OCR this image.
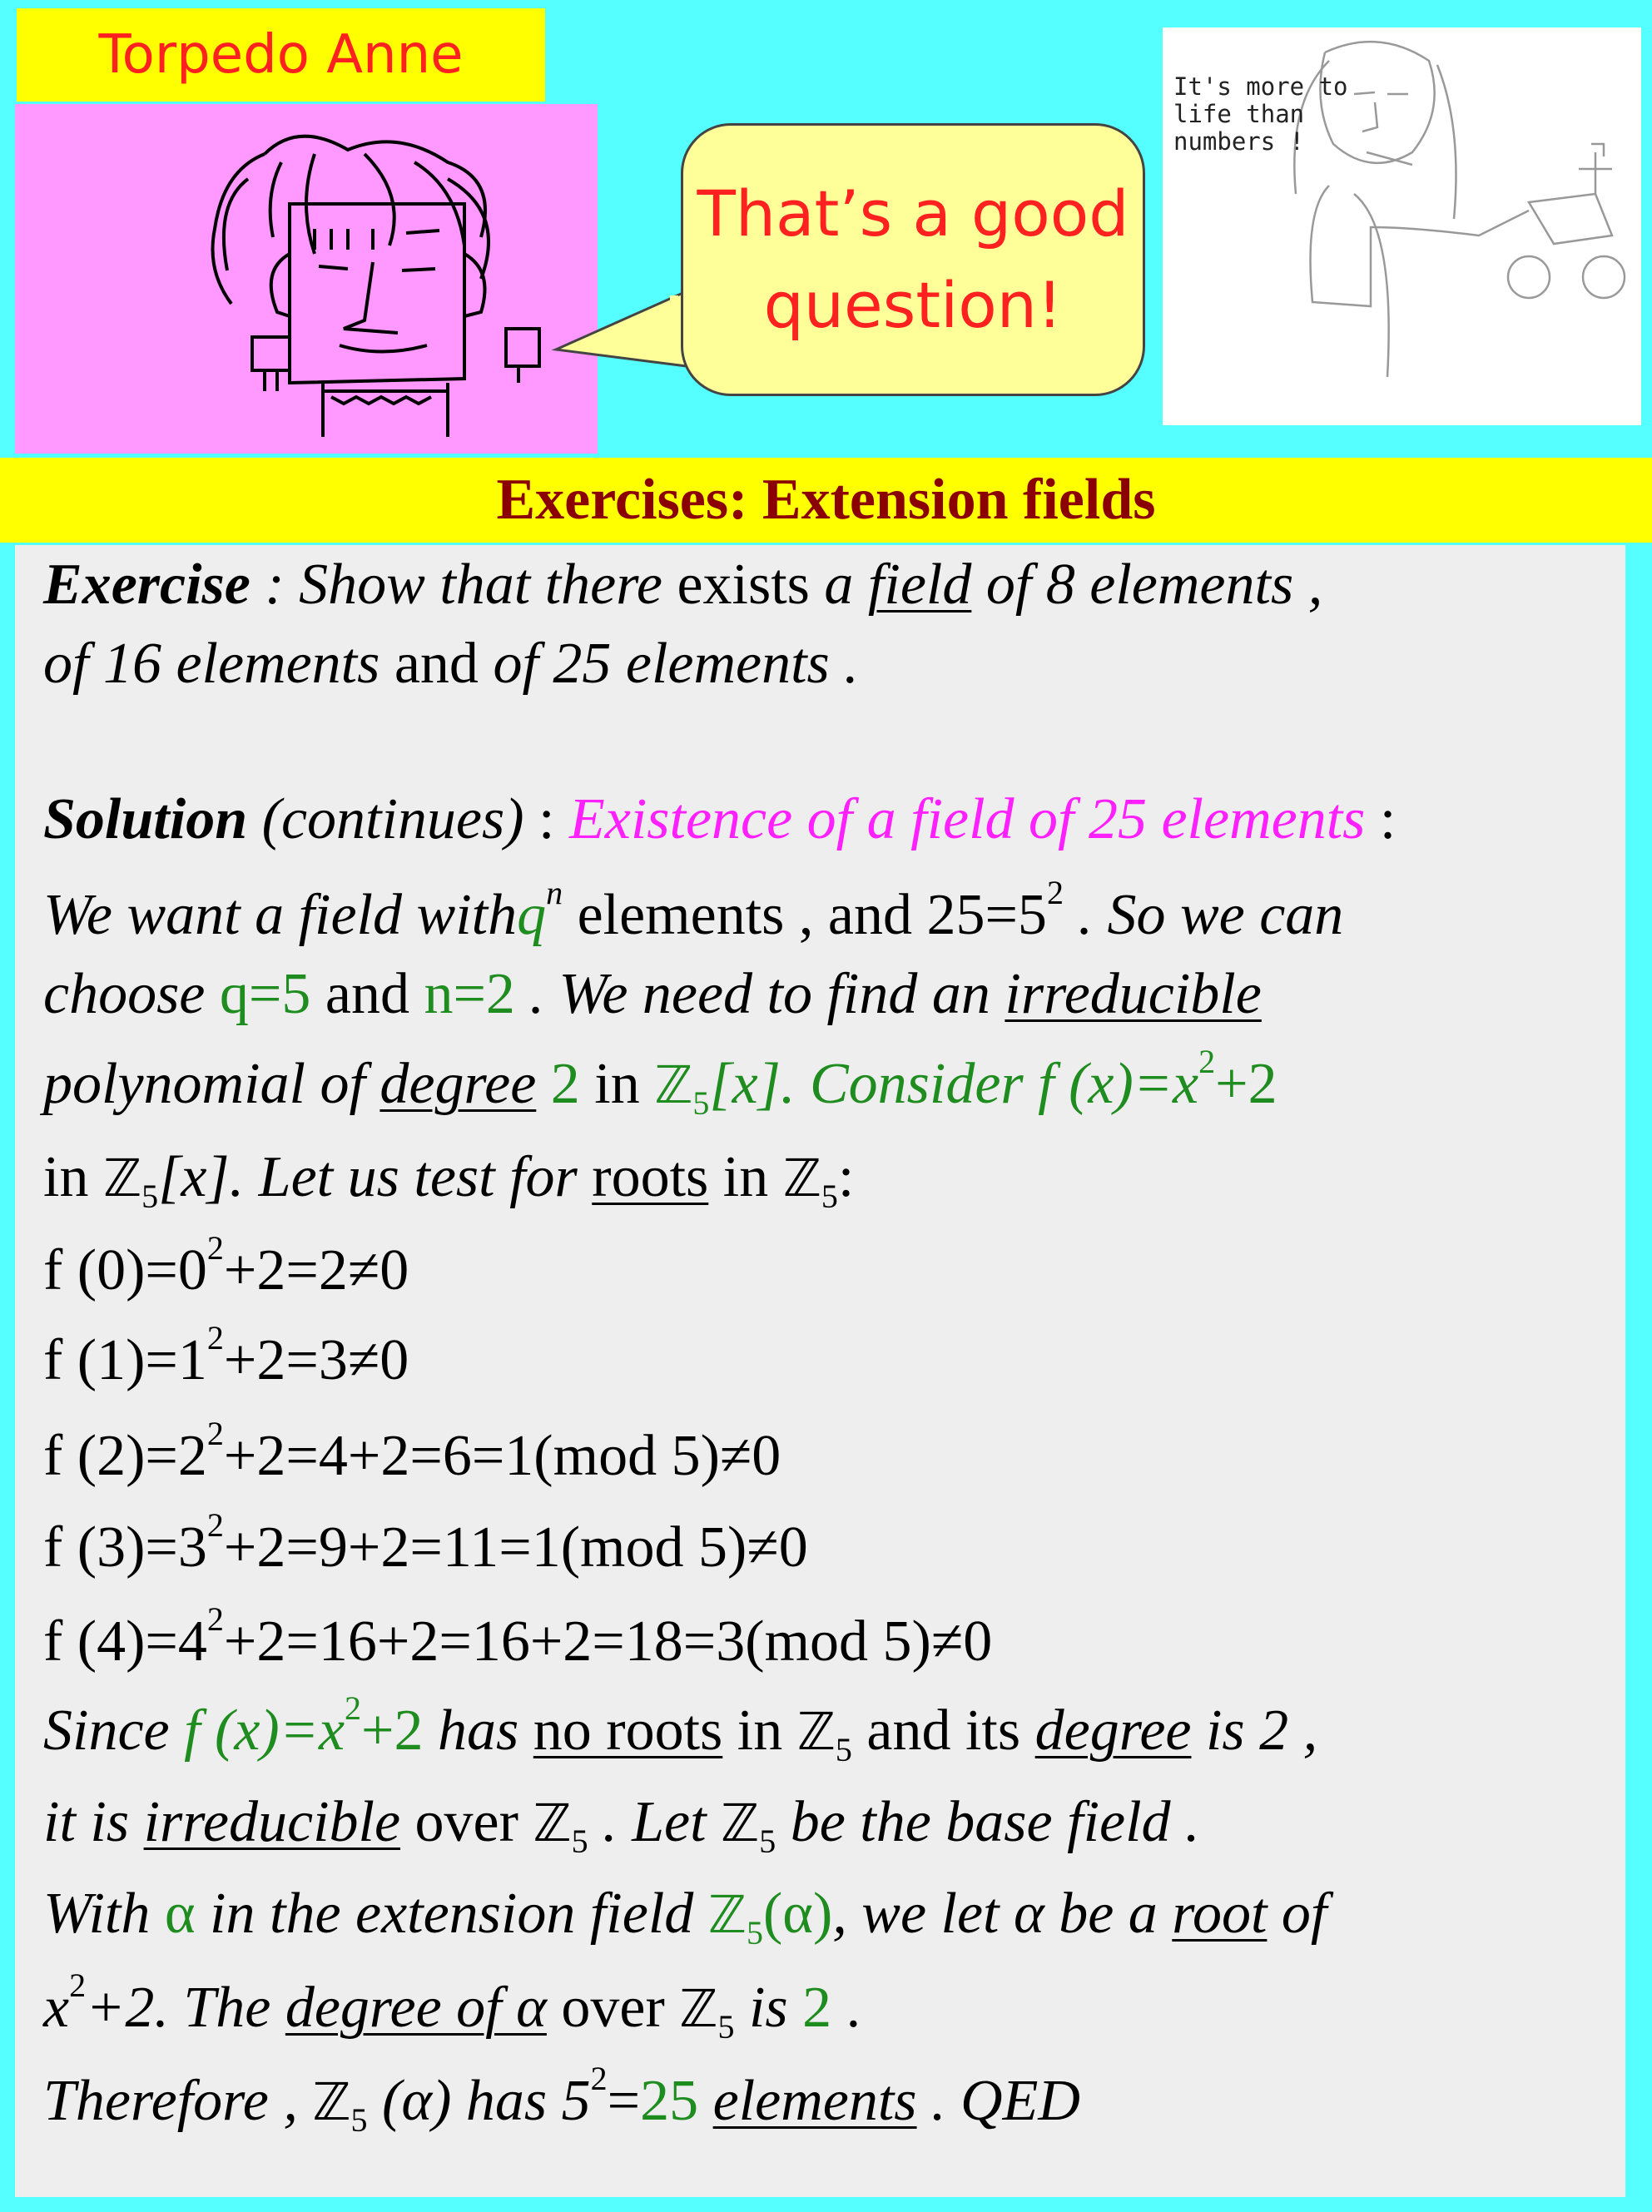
Torpedo Anne
That’s a good
question!
It's more to
life than
numbers !
Exercises: Extension fields
Exercise : Show that there exists a field of 8 elements ,
of 16 elements and of 25 elements .
Solution (continues) : Existence of a field of 25 elements :
We want a field withq$^n$ elements , and $25=5^2$ . So we can
choose q=5 and n=2 . We need to find an irreducible
polynomial of degree 2 in ℤ$_5$[x]. Consider f $(x)=x^2+2$
in ℤ$_5$[x]. Let us test for roots in ℤ$_5$:
f $(0)=0^2+2=2\ne 0$
f $(1)=1^2+2=3\ne 0$
f $(2)=2^2+2=4+2=6=1(mod$ 5)≠0
f $(3)=3^2+2=9+2=11=1(mod$ 5)≠0
f $(4)=4^2+2=16+2=16+2=18=3(mod$ 5)≠0
Since f $(x)=x^2+2$ has no roots in ℤ$_5$ and its degree is 2 ,
it is irreducible over ℤ$_5$ . Let ℤ$_5$ be the base field .
With α in the extension field ℤ$_5$(α), we let α be a root of
$x^2+2$. The degree of α over ℤ$_5$ is 2 .
Therefore , ℤ$_5$ (α) has $5^2=25$ elements . QED
